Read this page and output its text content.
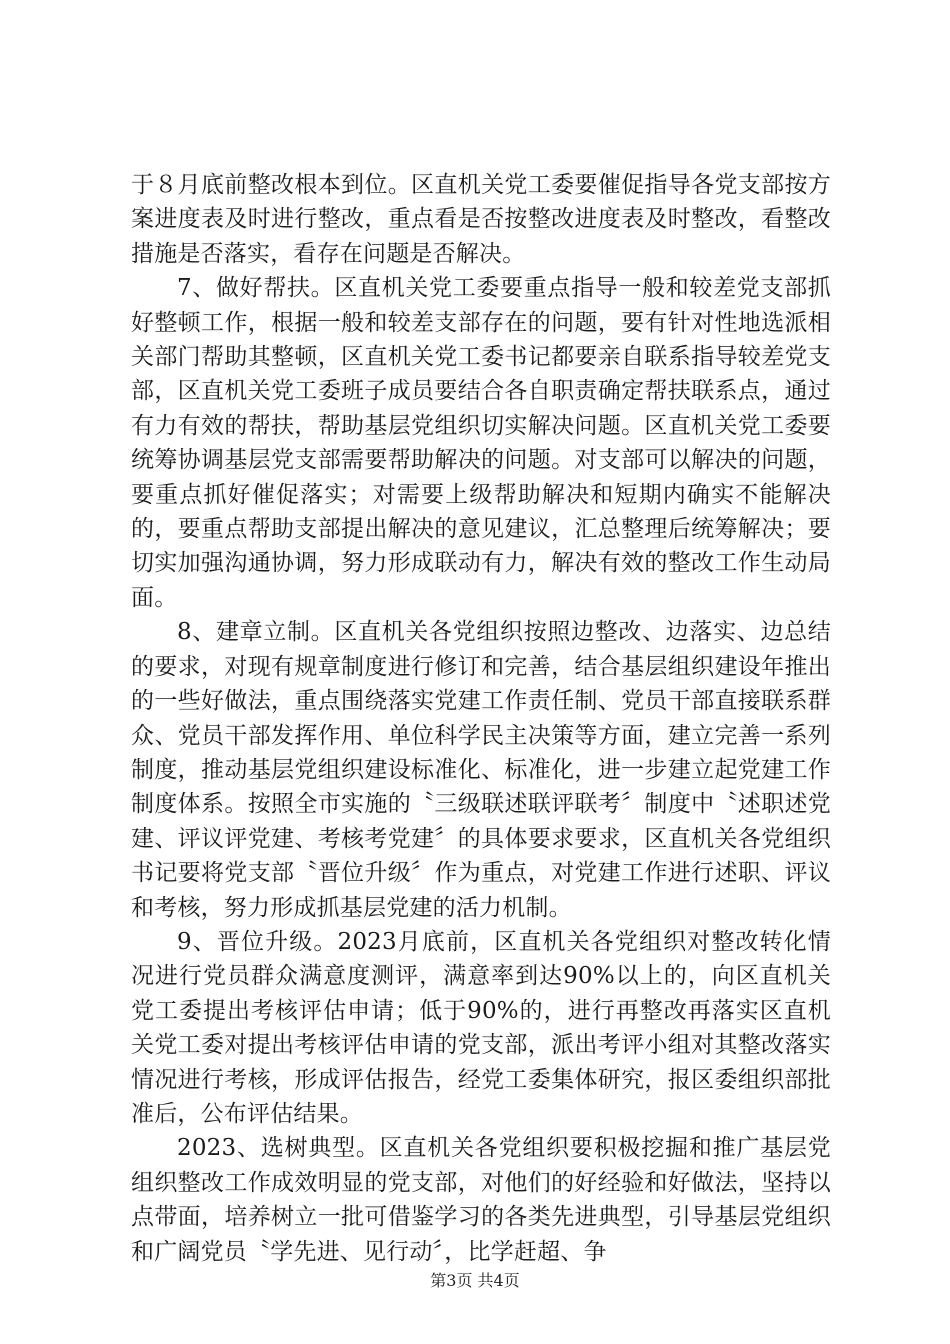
于８月底前整改根本到位。区直机关党工委要催促指导各党支部按方案进度表及时进行整改，重点看是否按整改进度表及时整改，看整改措施是否落实，看存在问题是否解决。

7、做好帮扶。区直机关党工委要重点指导一般和较差党支部抓好整顿工作，根据一般和较差支部存在的问题，要有针对性地选派相关部门帮助其整顿，区直机关党工委书记都要亲自联系指导较差党支部，区直机关党工委班子成员要结合各自职责确定帮扶联系点，通过有力有效的帮扶，帮助基层党组织切实解决问题。区直机关党工委要统筹协调基层党支部需要帮助解决的问题。对支部可以解决的问题，要重点抓好催促落实；对需要上级帮助解决和短期内确实不能解决的，要重点帮助支部提出解决的意见建议，汇总整理后统筹解决；要切实加强沟通协调，努力形成联动有力，解决有效的整改工作生动局面。

8、建章立制。区直机关各党组织按照边整改、边落实、边总结的要求，对现有规章制度进行修订和完善，结合基层组织建设年推出的一些好做法，重点围绕落实党建工作责任制、党员干部直接联系群众、党员干部发挥作用、单位科学民主决策等方面，建立完善一系列制度，推动基层党组织建设标准化、标准化，进一步建立起党建工作制度体系。按照全市实施的〝三级联述联评联考〞制度中〝述职述党建、评议评党建、考核考党建〞的具体要求要求，区直机关各党组织书记要将党支部〝晋位升级〞作为重点，对党建工作进行述职、评议和考核，努力形成抓基层党建的活力机制。

9、晋位升级。2023月底前，区直机关各党组织对整改转化情况进行党员群众满意度测评，满意率到达90%以上的，向区直机关党工委提出考核评估申请；低于90%的，进行再整改再落实区直机关党工委对提出考核评估申请的党支部，派出考评小组对其整改落实情况进行考核，形成评估报告，经党工委集体研究，报区委组织部批准后，公布评估结果。

2023、选树典型。区直机关各党组织要积极挖掘和推广基层党组织整改工作成效明显的党支部，对他们的好经验和好做法，坚持以点带面，培养树立一批可借鉴学习的各类先进典型，引导基层党组织和广阔党员〝学先进、见行动〞，比学赶超、争

第3页 共4页
